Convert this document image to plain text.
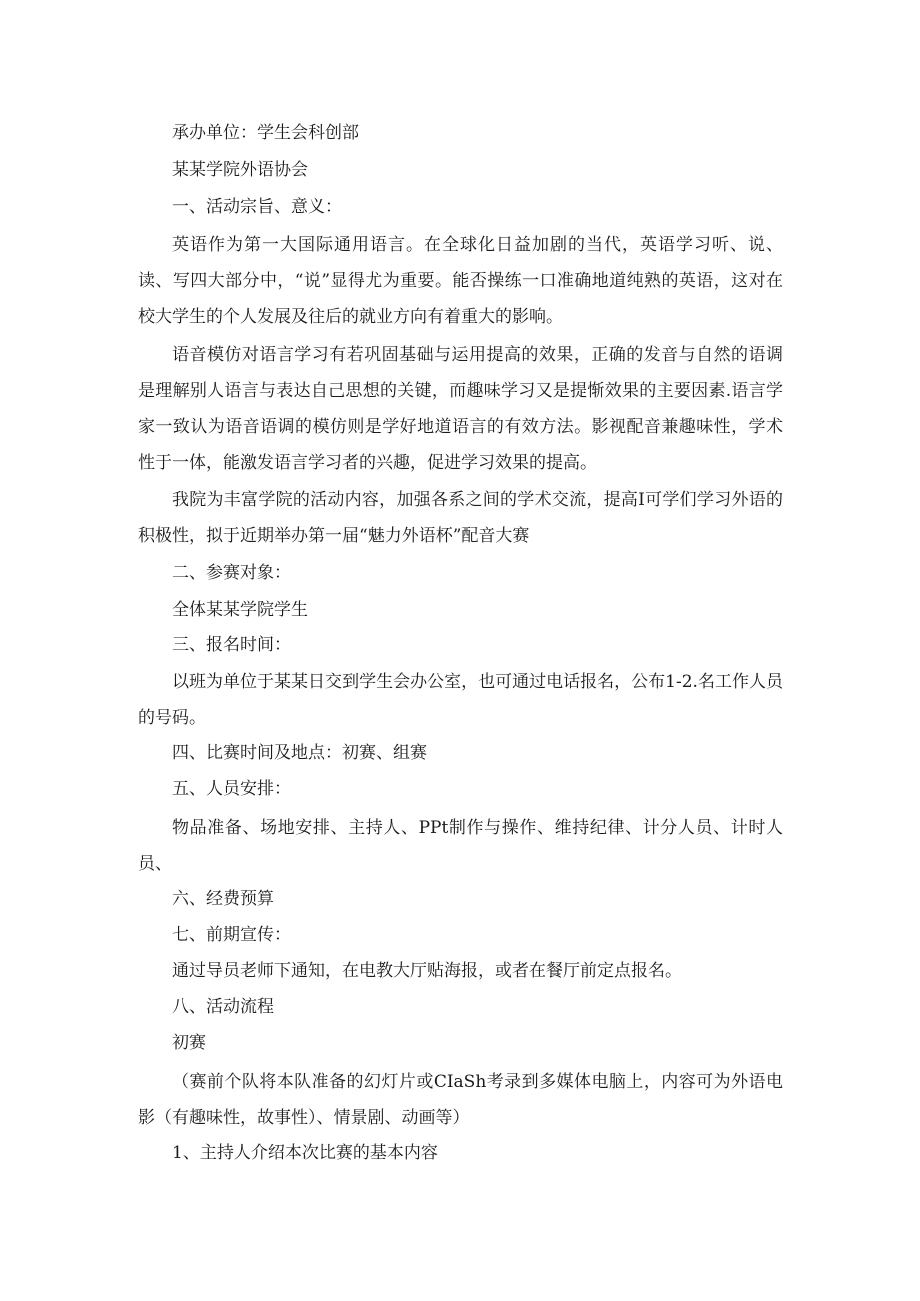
承办单位：学生会科创部

某某学院外语协会

一、活动宗旨、意义：

英语作为第一大国际通用语言。在全球化日益加剧的当代，英语学习听、说、读、写四大部分中，“说”显得尤为重要。能否操练一口准确地道纯熟的英语，这对在校大学生的个人发展及往后的就业方向有着重大的影响。

语音模仿对语言学习有若巩固基础与运用提高的效果，正确的发音与自然的语调是理解别人语言与表达自己思想的关键，而趣味学习又是提惭效果的主要因素.语言学家一致认为语音语调的模仿则是学好地道语言的有效方法。影视配音兼趣味性，学术性于一体，能激发语言学习者的兴趣，促进学习效果的提高。

我院为丰富学院的活动内容，加强各系之间的学术交流，提高I可学们学习外语的积极性，拟于近期举办第一届“魅力外语杯”配音大赛

二、参赛对象：

全体某某学院学生

三、报名时间：

以班为单位于某某日交到学生会办公室，也可通过电话报名，公布1-2.名工作人员的号码。

四、比赛时间及地点：初赛、组赛

五、人员安排：

物品准备、场地安排、主持人、PPt制作与操作、维持纪律、计分人员、计时人员、

六、经费预算

七、前期宣传：

通过导员老师下通知，在电教大厅贴海报，或者在餐厅前定点报名。

八、活动流程

初赛

（赛前个队将本队准备的幻灯片或CIaSh考录到多媒体电脑上，内容可为外语电影（有趣味性，故事性）、情景剧、动画等）

1、主持人介绍本次比赛的基本内容
